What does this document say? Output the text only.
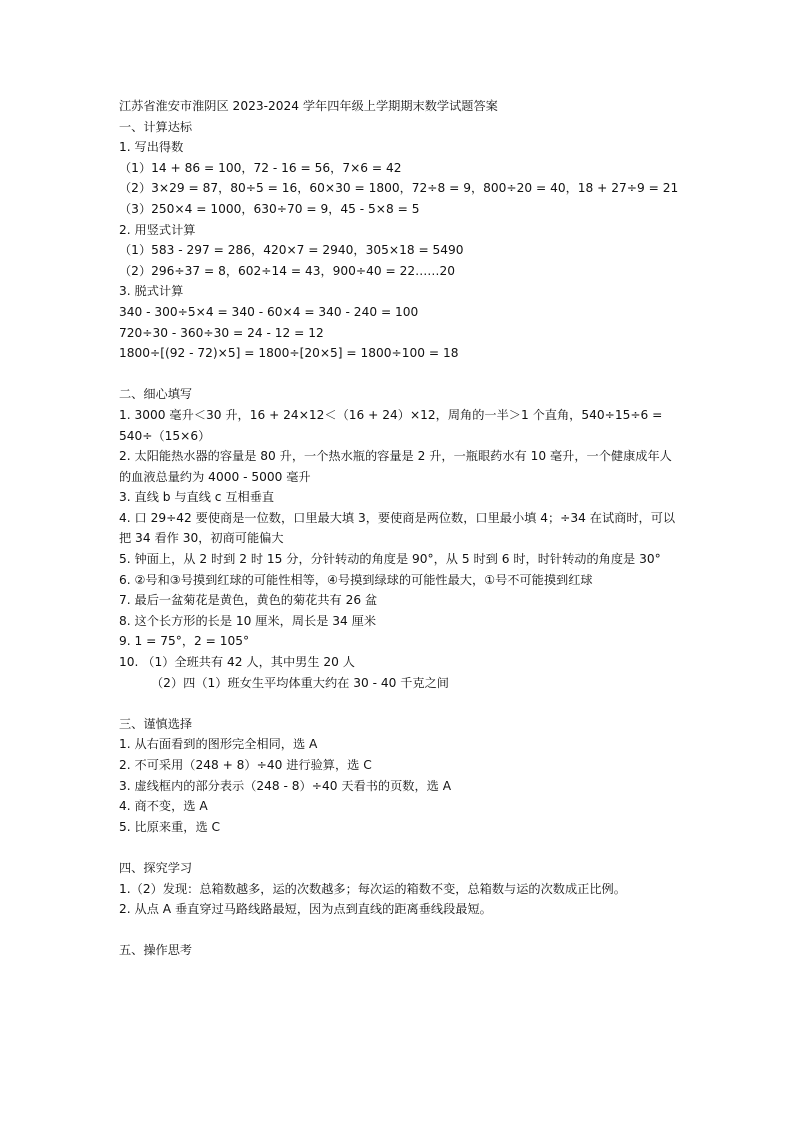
江苏省淮安市淮阴区 2023-2024 学年四年级上学期期末数学试题答案
一、计算达标
1. 写出得数
（1）14 + 86 = 100，72 - 16 = 56，7×6 = 42
（2）3×29 = 87，80÷5 = 16，60×30 = 1800，72÷8 = 9，800÷20 = 40，18 + 27÷9 = 21
（3）250×4 = 1000，630÷70 = 9，45 - 5×8 = 5
2. 用竖式计算
（1）583 - 297 = 286，420×7 = 2940，305×18 = 5490
（2）296÷37 = 8，602÷14 = 43，900÷40 = 22……20
3. 脱式计算
340 - 300÷5×4 = 340 - 60×4 = 340 - 240 = 100
720÷30 - 360÷30 = 24 - 12 = 12
1800÷[(92 - 72)×5] = 1800÷[20×5] = 1800÷100 = 18
二、细心填写
1. 3000 毫升＜30 升，16 + 24×12＜（16 + 24）×12，周角的一半＞1 个直角，540÷15÷6 = 540÷（15×6）
2. 太阳能热水器的容量是 80 升，一个热水瓶的容量是 2 升，一瓶眼药水有 10 毫升，一个健康成年人的血液总量约为 4000 - 5000 毫升
3. 直线 b 与直线 c 互相垂直
4. 口 29÷42 要使商是一位数，口里最大填 3，要使商是两位数，口里最小填 4；÷34 在试商时，可以把 34 看作 30，初商可能偏大
5. 钟面上，从 2 时到 2 时 15 分，分针转动的角度是 90°，从 5 时到 6 时，时针转动的角度是 30°
6. ②号和③号摸到红球的可能性相等，④号摸到绿球的可能性最大，①号不可能摸到红球
7. 最后一盆菊花是黄色，黄色的菊花共有 26 盆
8. 这个长方形的长是 10 厘米，周长是 34 厘米
9. 1 = 75°，2 = 105°
10. （1）全班共有 42 人，其中男生 20 人
（2）四（1）班女生平均体重大约在 30 - 40 千克之间
三、谨慎选择
1. 从右面看到的图形完全相同，选 A
2. 不可采用（248 + 8）÷40 进行验算，选 C
3. 虚线框内的部分表示（248 - 8）÷40 天看书的页数，选 A
4. 商不变，选 A
5. 比原来重，选 C
四、探究学习
1.（2）发现：总箱数越多，运的次数越多；每次运的箱数不变，总箱数与运的次数成正比例。
2. 从点 A 垂直穿过马路线路最短，因为点到直线的距离垂线段最短。
五、操作思考
